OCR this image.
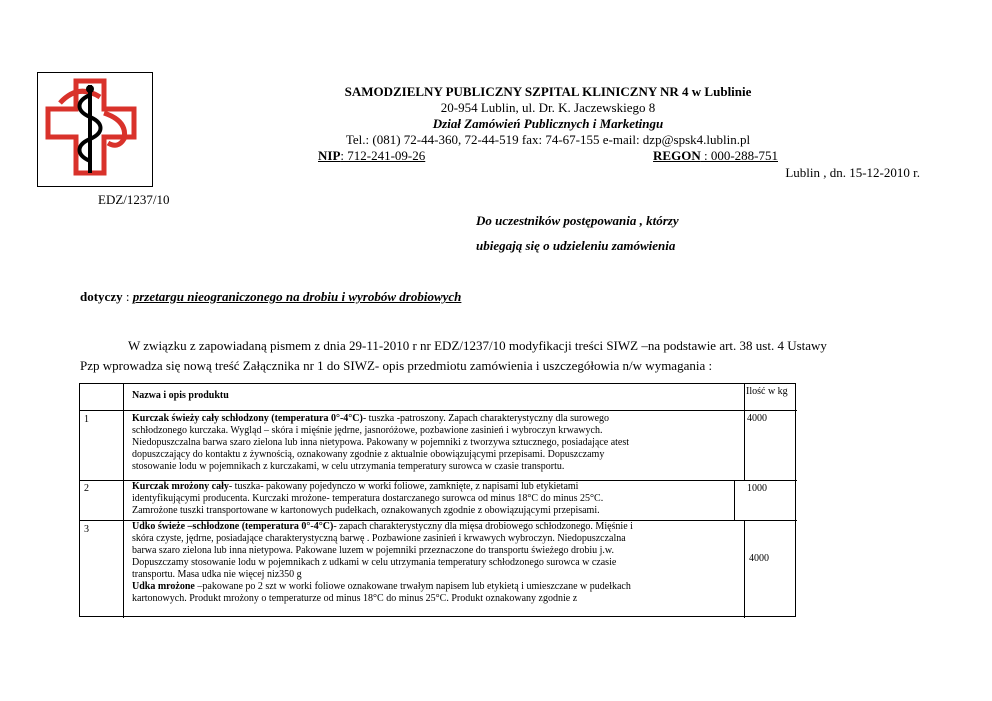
SAMODZIELNY PUBLICZNY SZPITAL KLINICZNY NR 4 w Lublinie
20-954 Lublin, ul. Dr. K. Jaczewskiego 8
Dział Zamówień Publicznych i Marketingu
Tel.: (081) 72-44-360, 72-44-519 fax: 74-67-155 e-mail: dzp@spsk4.lublin.pl
NIP: 712-241-09-26	REGON : 000-288-751
Lublin , dn. 15-12-2010 r.
EDZ/1237/10
Do uczestników postępowania , którzy
ubiegają się o udzieleniu zamówienia
dotyczy : przetargu nieograniczonego na drobiu i wyrobów drobiowych
W związku z zapowiadaną pismem z dnia 29-11-2010 r nr EDZ/1237/10 modyfikacji treści SIWZ –na podstawie art. 38 ust. 4 Ustawy
Pzp wprowadza się nową treść Załącznika nr 1 do SIWZ- opis przedmiotu zamówienia i uszczegółowia n/w wymagania :
Nazwa i opis produktu	Ilość w kg
1	Kurczak świeży cały schłodzony (temperatura 0°-4°C)- tuszka -patroszony. Zapach charakterystyczny dla surowego
schłodzonego kurczaka. Wygląd – skóra i mięśnie jędrne, jasnoróżowe, pozbawione zasinień i wybroczyn krwawych.
Niedopuszczalna barwa szaro zielona lub inna nietypowa. Pakowany w pojemniki z tworzywa sztucznego, posiadające atest
dopuszczający do kontaktu z żywnością, oznakowany zgodnie z aktualnie obowiązującymi przepisami. Dopuszczamy
stosowanie lodu w pojemnikach z kurczakami, w celu utrzymania temperatury surowca w czasie transportu.
4000
2	Kurczak mrożony cały- tuszka- pakowany pojedynczo w worki foliowe, zamknięte, z napisami lub etykietami
identyfikującymi producenta. Kurczaki mrożone- temperatura dostarczanego surowca od minus 18°C do minus 25°C.
Zamrożone tuszki transportowane w kartonowych pudełkach, oznakowanych zgodnie z obowiązującymi przepisami.
1000
3	Udko świeże –schłodzone (temperatura 0°-4°C)- zapach charakterystyczny dla mięsa drobiowego schłodzonego. Mięśnie i
skóra czyste, jędrne, posiadające charakterystyczną barwę . Pozbawione zasinień i krwawych wybroczyn. Niedopuszczalna
barwa szaro zielona lub inna nietypowa. Pakowane luzem w pojemniki przeznaczone do transportu świeżego drobiu j.w.
Dopuszczamy stosowanie lodu w pojemnikach z udkami w celu utrzymania temperatury schłodzonego surowca w czasie
transportu. Masa udka nie więcej niz350 g
Udka mrożone –pakowane po 2 szt w worki foliowe oznakowane trwałym napisem lub etykietą i umieszczane w pudełkach
kartonowych. Produkt mrożony o temperaturze od minus 18°C do minus 25°C. Produkt oznakowany zgodnie z
4000
